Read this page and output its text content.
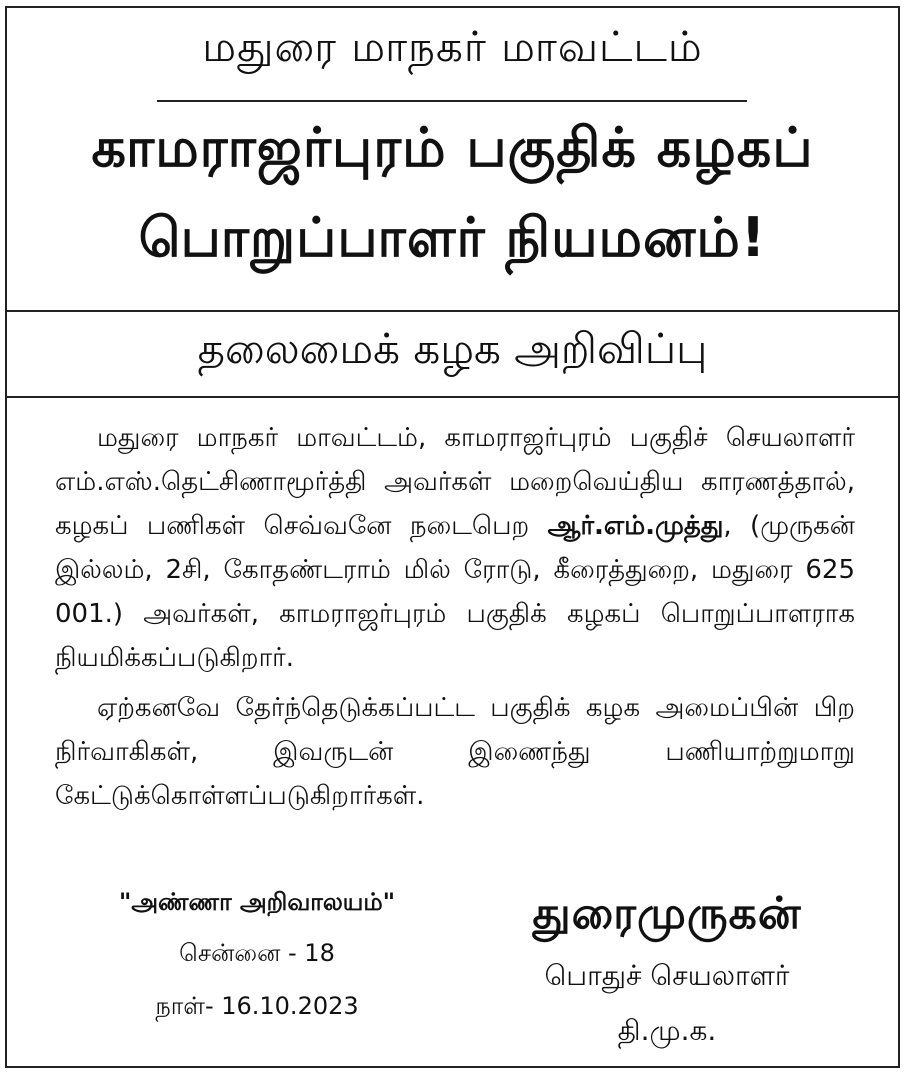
மதுரை மாநகர் மாவட்டம்
காமராஜர்புரம் பகுதிக் கழகப்
பொறுப்பாளர் நியமனம்!
தலைமைக் கழக அறிவிப்பு

மதுரை மாநகர் மாவட்டம், காமராஜர்புரம் பகுதிச் செயலாளர் எம்.எஸ்.தெட்சிணாமூர்த்தி அவர்கள் மறைவெய்திய காரணத்தால், கழகப் பணிகள் செவ்வனே நடைபெற ஆர்.எம்.முத்து, (முருகன் இல்லம், 2சி, கோதண்டராம் மில் ரோடு, கீரைத்துறை, மதுரை 625 001.) அவர்கள், காமராஜர்புரம் பகுதிக் கழகப் பொறுப்பாளராக நியமிக்கப்படுகிறார்.

ஏற்கனவே தேர்ந்தெடுக்கப்பட்ட பகுதிக் கழக அமைப்பின் பிற நிர்வாகிகள், இவருடன் இணைந்து பணியாற்றுமாறு கேட்டுக்கொள்ளப்படுகிறார்கள்.

"அண்ணா அறிவாலயம்"
சென்னை - 18
நாள்- 16.10.2023
துரைமுருகன்
பொதுச் செயலாளர்
தி.மு.க.
